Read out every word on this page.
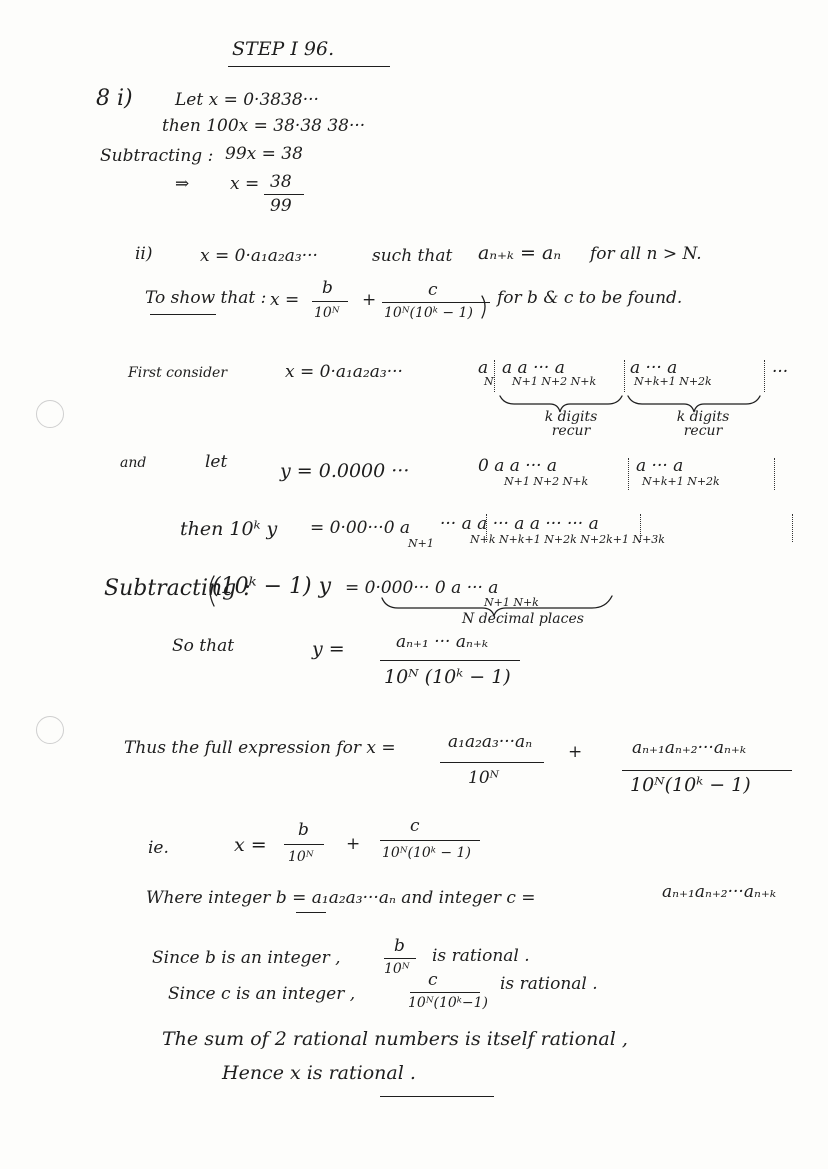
STEP I 96.
8 i) Let x = 0·3838···
then 100x = 38·38 38···
Subtracting : 99x = 38
⇒ x = 38
99
ii)	x = 0·a₁a₂a₃···	such that aₙ₊ₖ = aₙ for all n > N.
To show that : x =
b
10ᴺ
+	c
10ᴺ(10ᵏ − 1)
for b & c to be found.
First consider	x = 0·a₁a₂a₃···	a
N
a a ··· a
N+1 N+2 N+k
a ··· a
N+k+1 N+2k	···
k digits recur
k digits recur
and	let	y = 0.0000 ···	0 a a ··· a
N+1 N+2 N+k
a ··· a
N+k+1 N+2k
then 10ᵏ y = 0·00···0 a
N+1
··· a a ··· a a ··· ··· a
N+k N+k+1 N+2k N+2k+1 N+3k
Subtracting :
(10ᵏ − 1) y = 0·000··· 0 a ··· a
N+1 N+k
N decimal places
So that	y =	aₙ₊₁ ··· aₙ₊ₖ
10ᴺ (10ᵏ − 1)
Thus the full expression for x =	a₁a₂a₃···aₙ
10ᴺ
+	aₙ₊₁aₙ₊₂···aₙ₊ₖ
10ᴺ(10ᵏ − 1)
ie.	x =
b
10ᴺ
+
c
10ᴺ(10ᵏ − 1)
Where integer b = a₁a₂a₃···aₙ and integer c =	aₙ₊₁aₙ₊₂···aₙ₊ₖ
Since b is an integer ,
b
10ᴺ
is rational .
Since c is an integer ,
c
10ᴺ(10ᵏ−1)
is rational .
The sum of 2 rational numbers is itself rational ,
Hence x is rational .
